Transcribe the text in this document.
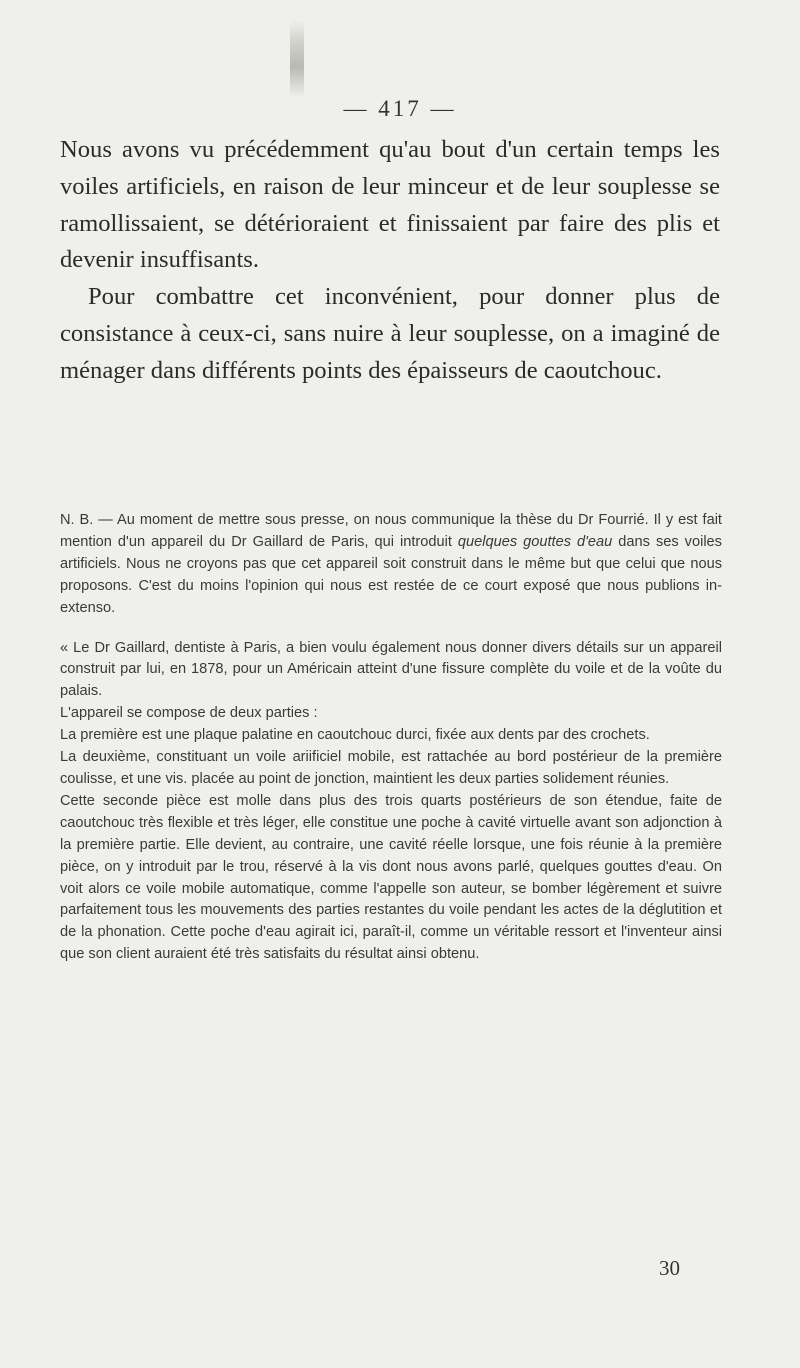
— 417 —

Nous avons vu précédemment qu'au bout d'un certain temps les voiles artificiels, en raison de leur minceur et de leur souplesse se ramollissaient, se détérioraient et finissaient par faire des plis et devenir insuffisants.

Pour combattre cet inconvénient, pour donner plus de consistance à ceux-ci, sans nuire à leur souplesse, on a imaginé de ménager dans différents points des épaisseurs de caoutchouc.

N. B. — Au moment de mettre sous presse, on nous communique la thèse du Dr Fourrié. Il y est fait mention d'un appareil du Dr Gaillard de Paris, qui introduit quelques gouttes d'eau dans ses voiles artificiels. Nous ne croyons pas que cet appareil soit construit dans le même but que celui que nous proposons. C'est du moins l'opinion qui nous est restée de ce court exposé que nous publions in-extenso.

« Le Dr Gaillard, dentiste à Paris, a bien voulu également nous donner divers détails sur un appareil construit par lui, en 1878, pour un Américain atteint d'une fissure complète du voile et de la voûte du palais.

L'appareil se compose de deux parties :

La première est une plaque palatine en caoutchouc durci, fixée aux dents par des crochets.

La deuxième, constituant un voile ariificiel mobile, est rattachée au bord postérieur de la première coulisse, et une vis. placée au point de jonction, maintient les deux parties solidement réunies.

Cette seconde pièce est molle dans plus des trois quarts postérieurs de son étendue, faite de caoutchouc très flexible et très léger, elle constitue une poche à cavité virtuelle avant son adjonction à la première partie. Elle devient, au contraire, une cavité réelle lorsque, une fois réunie à la première pièce, on y introduit par le trou, réservé à la vis dont nous avons parlé, quelques gouttes d'eau. On voit alors ce voile mobile automatique, comme l'appelle son auteur, se bomber légèrement et suivre parfaitement tous les mouvements des parties restantes du voile pendant les actes de la déglutition et de la phonation. Cette poche d'eau agirait ici, paraît-il, comme un véritable ressort et l'inventeur ainsi que son client auraient été très satisfaits du résultat ainsi obtenu.

30
